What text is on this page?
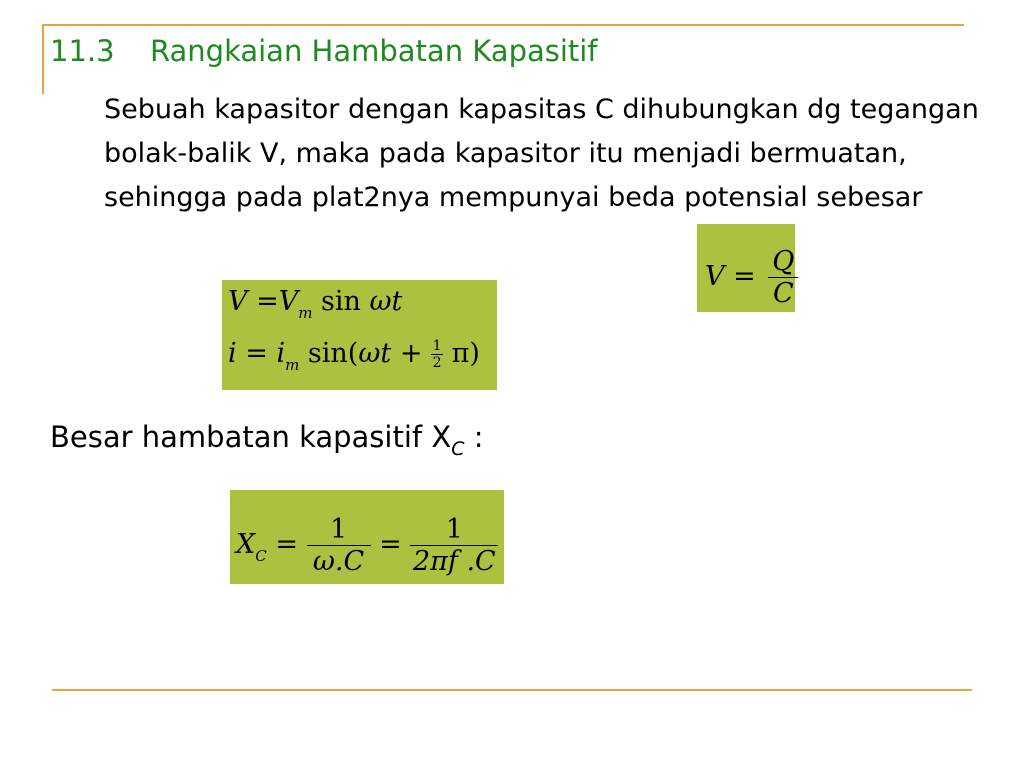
11.3 Rangkaian Hambatan Kapasitif

Sebuah kapasitor dengan kapasitas C dihubungkan dg tegangan bolak-balik V, maka pada kapasitor itu menjadi bermuatan, sehingga pada plat2nya mempunyai beda potensial sebesar

$V = \frac{Q}{C}$
$V =V_m$ sin ωt
$i = i_m$ $\sin(\omega t + \frac{1}{2} \pi)$
Besar hambatan kapasitif $X_C$ :
$X_C = \frac{1}{\omega.C} = \frac{1}{2\pi f .C}$
